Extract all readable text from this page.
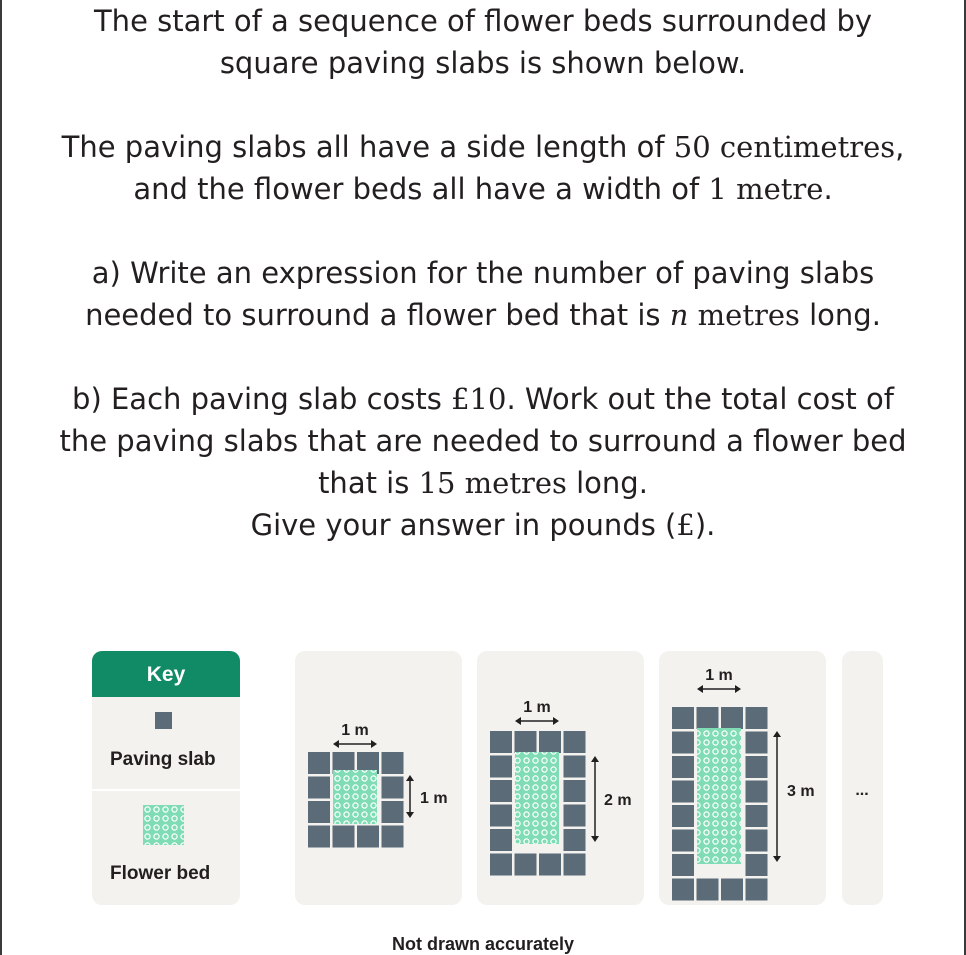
The start of a sequence of flower beds surrounded by

square paving slabs is shown below.

The paving slabs all have a side length of 50 centimetres,

and the flower beds all have a width of 1 metre.

a) Write an expression for the number of paving slabs

needed to surround a flower bed that is n metres long.

b) Each paving slab costs £10. Work out the total cost of

the paving slabs that are needed to surround a flower bed

that is 15 metres long.

Give your answer in pounds (£).

Key
Paving slab
Flower bed
1 m
1 m
1 m
2 m
1 m
3 m	...
Not drawn accurately
